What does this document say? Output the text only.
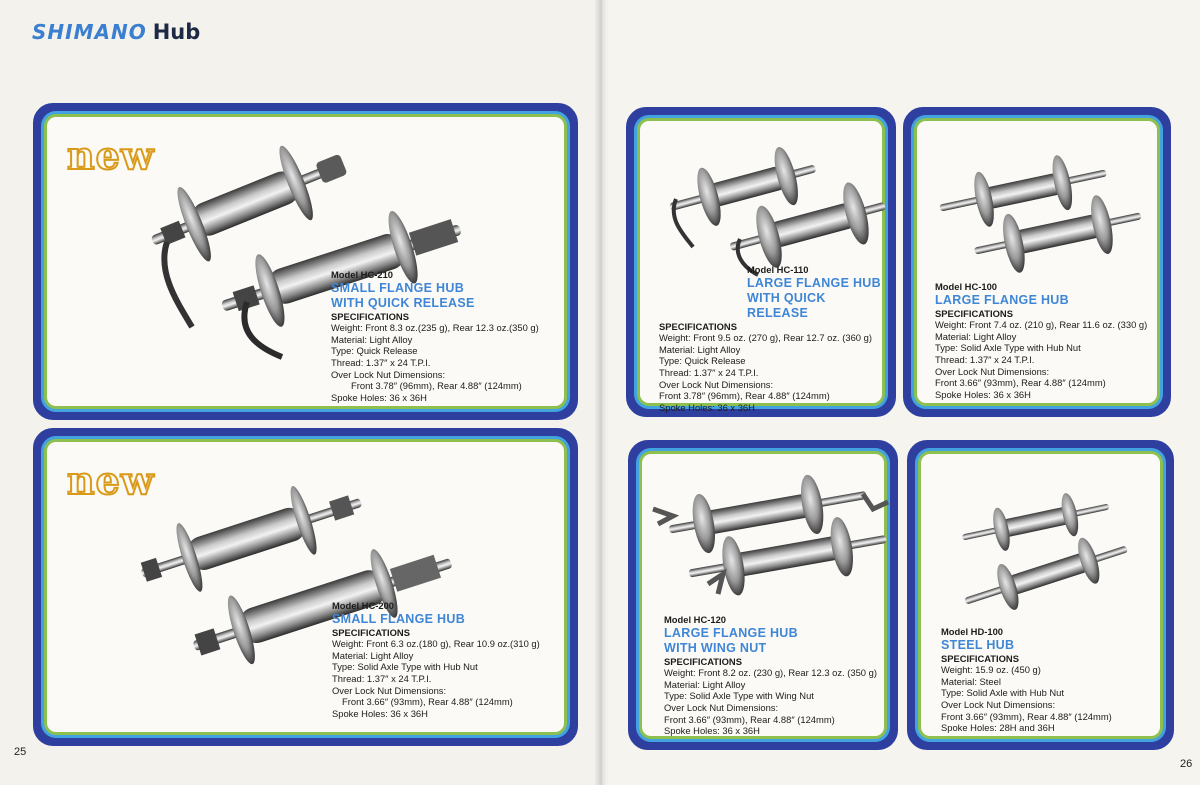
SHIMANO Hub
new
Model HC-210
SMALL FLANGE HUB
WITH QUICK RELEASE
SPECIFICATIONS
Weight: Front 8.3 oz.(235 g), Rear 12.3 oz.(350 g)
Material: Light Alloy
Type: Quick Release
Thread: 1.37″ x 24 T.P.I.
Over Lock Nut Dimensions:
Front 3.78″ (96mm), Rear 4.88″ (124mm)
Spoke Holes: 36 x 36H
new
Model HC-200
SMALL FLANGE HUB
SPECIFICATIONS
Weight: Front 6.3 oz.(180 g), Rear 10.9 oz.(310 g)
Material: Light Alloy
Type: Solid Axle Type with Hub Nut
Thread: 1.37″ x 24 T.P.I.
Over Lock Nut Dimensions:
Front 3.66″ (93mm), Rear 4.88″ (124mm)
Spoke Holes: 36 x 36H
25
Model HC-110
LARGE FLANGE HUB
WITH QUICK RELEASE
SPECIFICATIONS
Weight: Front 9.5 oz. (270 g), Rear 12.7 oz. (360 g)
Material: Light Alloy
Type: Quick Release
Thread: 1.37″ x 24 T.P.I.
Over Lock Nut Dimensions:
Front 3.78″ (96mm), Rear 4.88″ (124mm)
Spoke Holes: 36 x 36H
Model HC-100
LARGE FLANGE HUB
SPECIFICATIONS
Weight: Front 7.4 oz. (210 g), Rear 11.6 oz. (330 g)
Material: Light Alloy
Type: Solid Axle Type with Hub Nut
Thread: 1.37″ x 24 T.P.I.
Over Lock Nut Dimensions:
Front 3.66″ (93mm), Rear 4.88″ (124mm)
Spoke Holes: 36 x 36H
Model HC-120
LARGE FLANGE HUB
WITH WING NUT
SPECIFICATIONS
Weight: Front 8.2 oz. (230 g), Rear 12.3 oz. (350 g)
Material: Light Alloy
Type: Solid Axle Type with Wing Nut
Over Lock Nut Dimensions:
Front 3.66″ (93mm), Rear 4.88″ (124mm)
Spoke Holes: 36 x 36H
Model HD-100
STEEL HUB
SPECIFICATIONS
Weight: 15.9 oz. (450 g)
Material: Steel
Type: Solid Axle with Hub Nut
Over Lock Nut Dimensions:
Front 3.66″ (93mm), Rear 4.88″ (124mm)
Spoke Holes: 28H and 36H
26
